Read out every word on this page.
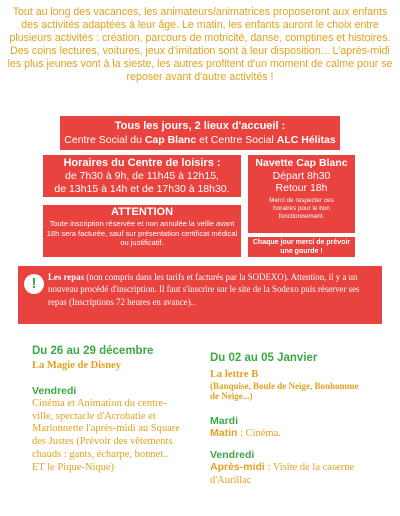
Tout au long des vacances, les animateurs/animatrices proposeront aux enfants des activités adaptées à leur âge. Le matin, les enfants auront le choix entre plusieurs activités : création, parcours de motricité, danse, comptines et histoires. Des coins lectures, voitures, jeux d'imitation sont à leur disposition... L'après-midi les plus jeunes vont à la sieste, les autres profitent d'un moment de calme pour se reposer avant d'autre activités !

Tous les jours, 2 lieux d'accueil :
Centre Social du Cap Blanc et Centre Social ALC Hélitas
Horaires du Centre de loisirs :
de 7h30 à 9h, de 11h45 à 12h15,
de 13h15 à 14h et de 17h30 à 18h30.
Navette Cap Blanc
Départ 8h30
Retour 18h
Merci de respecter ces horaires pour le bon fonctionnement.
ATTENTION
Toute inscription réservée et non annulée la veille avant 18h sera facturée, sauf sur présentation certificat médical ou justificatif.	Chaque jour merci de prévoir une gourde !
!	Les repas (non compris dans les tarifs et facturés par la SODEXO). Attention, il y a un nouveau procédé d'inscription. Il faut s'inscrire sur le site de la Sodexo puis réserver ses repas (Inscriptions 72 heures en avance)..
Du 26 au 29 décembre
La Magie de Disney
Vendredi
Cinéma et Animation du centre-ville, spectacle d'Acrobatie et Marionnette l'après-midi au Square des Justes (Prévoir des vêtements chauds : gants, écharpe, bonnet.. ET le Pique-Nique)
Du 02 au 05 Janvier
La lettre B
(Banquise, Boule de Neige, Bonhomme de Neige...)
Mardi
Matin : Cinéma.
Vendredi
Après-midi : Visite de la caserne d'Aurillac
